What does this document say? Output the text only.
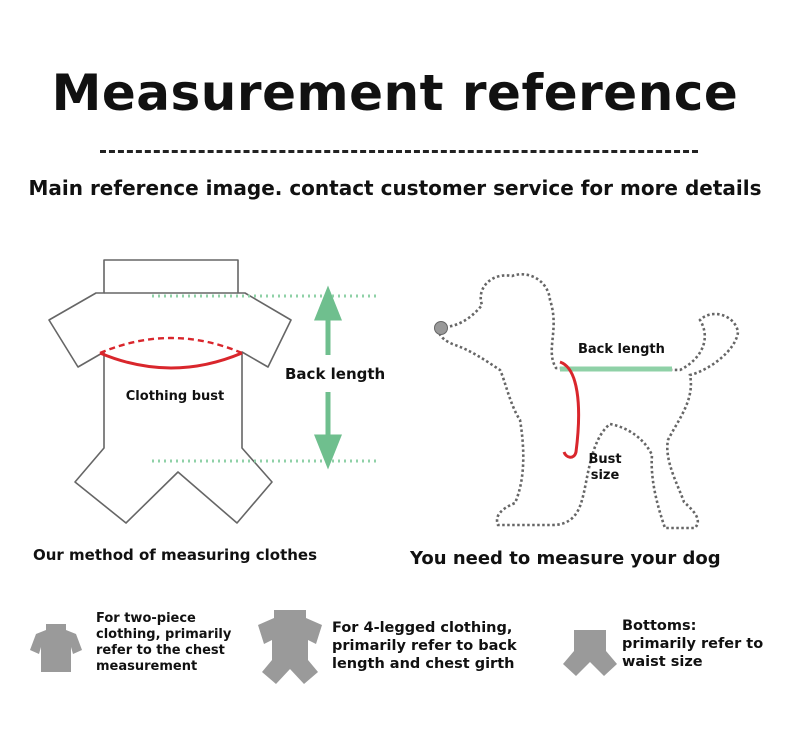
Measurement reference
Main reference image. contact customer service for more details
Clothing bust
Back length
Our method of measuring clothes
Back length
Bust
size
You need to measure your dog
For two-piece
clothing, primarily
refer to the chest
measurement
For 4-legged clothing,
primarily refer to back
length and chest girth
Bottoms:
primarily refer to
waist size
